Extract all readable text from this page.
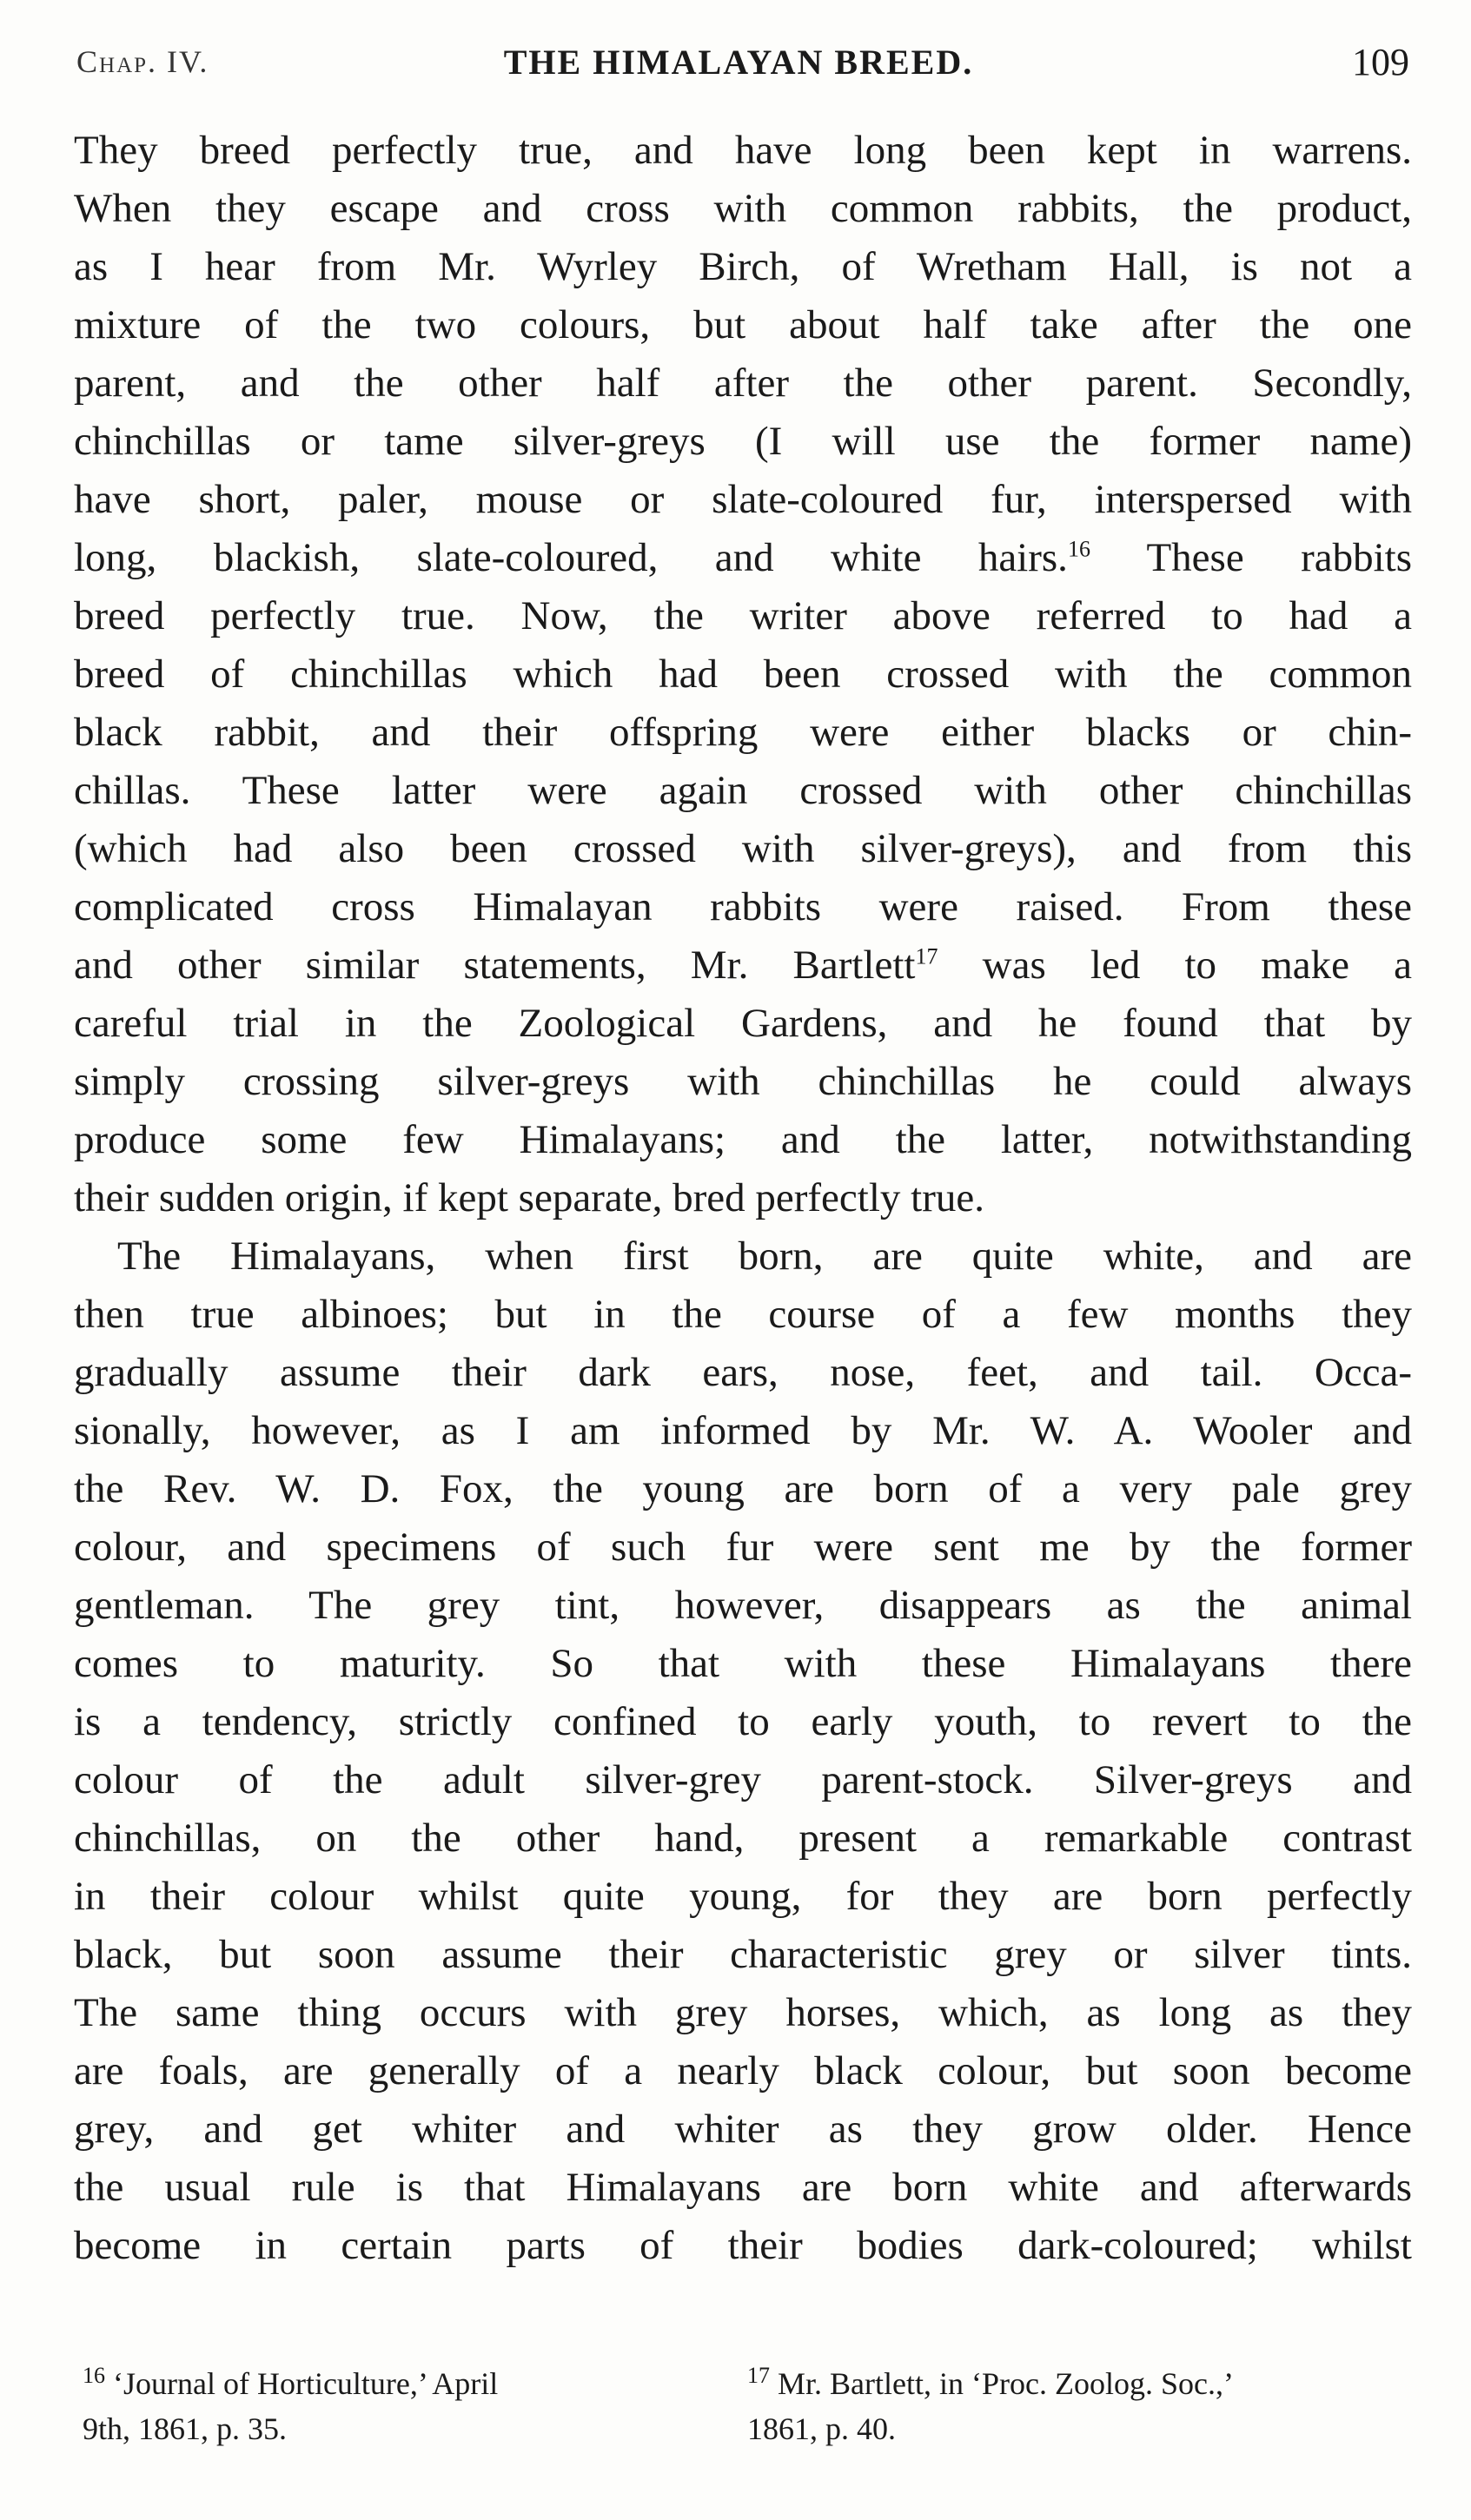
Chap. IV.	THE HIMALAYAN BREED.	109
They breed perfectly true, and have long been kept in warrens.
When they escape and cross with common rabbits, the product,
as I hear from Mr. Wyrley Birch, of Wretham Hall, is not a
mixture of the two colours, but about half take after the one
parent, and the other half after the other parent. Secondly,
chinchillas or tame silver-greys (I will use the former name)
have short, paler, mouse or slate-coloured fur, interspersed with
long, blackish, slate-coloured, and white hairs.$^{16}$ These rabbits
breed perfectly true. Now, the writer above referred to had a
breed of chinchillas which had been crossed with the common
black rabbit, and their offspring were either blacks or chin-
chillas. These latter were again crossed with other chinchillas
(which had also been crossed with silver-greys), and from this
complicated cross Himalayan rabbits were raised. From these
and other similar statements, Mr. Bartlett$^{17}$ was led to make a
careful trial in the Zoological Gardens, and he found that by
simply crossing silver-greys with chinchillas he could always
produce some few Himalayans; and the latter, notwithstanding
their sudden origin, if kept separate, bred perfectly true.
The Himalayans, when first born, are quite white, and are
then true albinoes; but in the course of a few months they
gradually assume their dark ears, nose, feet, and tail. Occa-
sionally, however, as I am informed by Mr. W. A. Wooler and
the Rev. W. D. Fox, the young are born of a very pale grey
colour, and specimens of such fur were sent me by the former
gentleman. The grey tint, however, disappears as the animal
comes to maturity. So that with these Himalayans there
is a tendency, strictly confined to early youth, to revert to the
colour of the adult silver-grey parent-stock. Silver-greys and
chinchillas, on the other hand, present a remarkable contrast
in their colour whilst quite young, for they are born perfectly
black, but soon assume their characteristic grey or silver tints.
The same thing occurs with grey horses, which, as long as they
are foals, are generally of a nearly black colour, but soon become
grey, and get whiter and whiter as they grow older. Hence
the usual rule is that Himalayans are born white and afterwards
become in certain parts of their bodies dark-coloured; whilst
$^{16}$ ‘Journal of Horticulture,’ April
9th, 1861, p. 35.
$^{17}$ Mr. Bartlett, in ‘Proc. Zoolog. Soc.,’
1861, p. 40.
